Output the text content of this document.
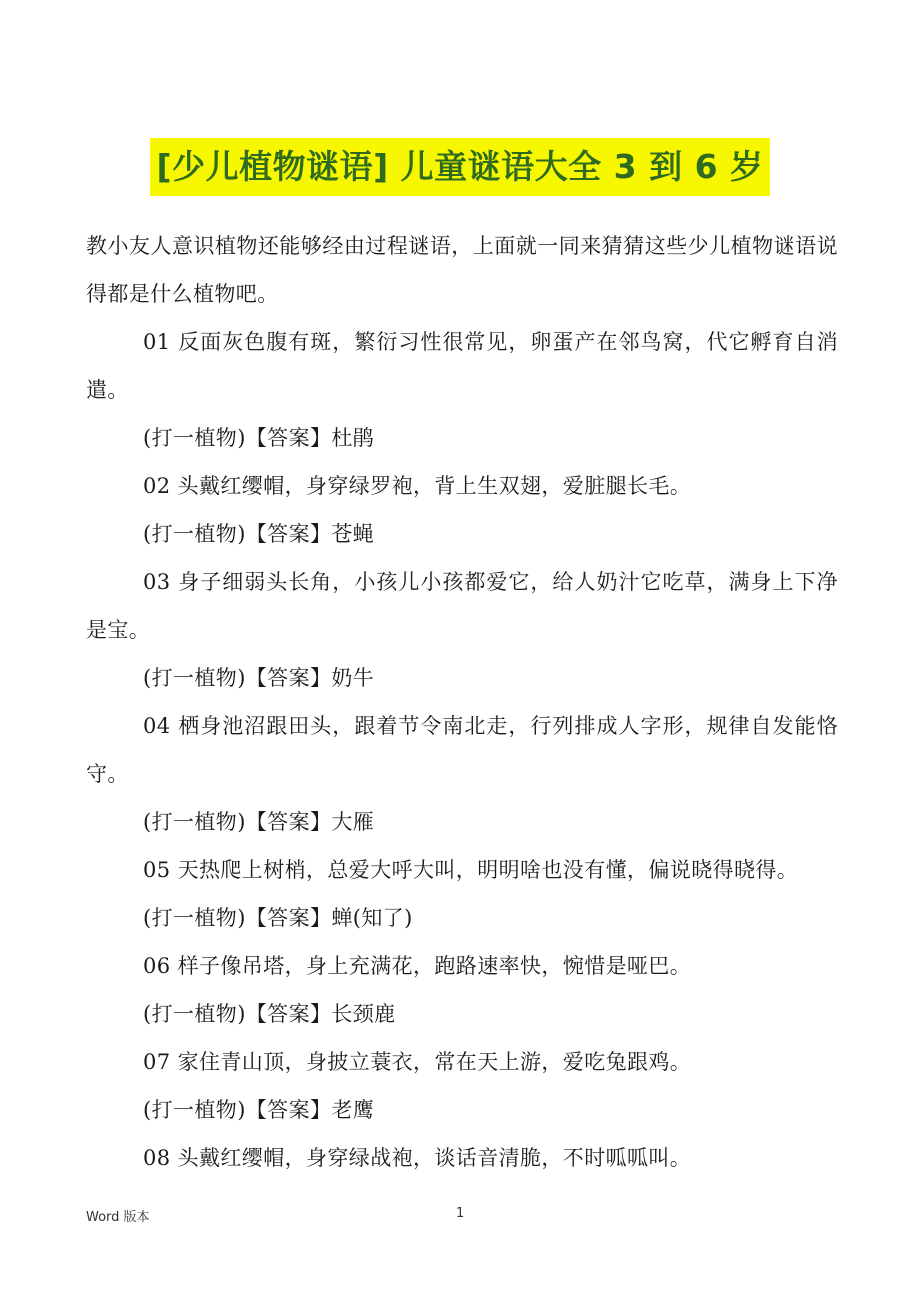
[少儿植物谜语] 儿童谜语大全 3 到 6 岁

教小友人意识植物还能够经由过程谜语，上面就一同来猜猜这些少儿植物谜语说得都是什么植物吧。

01 反面灰色腹有斑，繁衍习性很常见，卵蛋产在邻鸟窝，代它孵育自消遣。

(打一植物)【答案】杜鹃

02 头戴红缨帽，身穿绿罗袍，背上生双翅，爱脏腿长毛。

(打一植物)【答案】苍蝇

03 身子细弱头长角，小孩儿小孩都爱它，给人奶汁它吃草，满身上下净是宝。

(打一植物)【答案】奶牛

04 栖身池沼跟田头，跟着节令南北走，行列排成人字形，规律自发能恪守。

(打一植物)【答案】大雁

05 天热爬上树梢，总爱大呼大叫，明明啥也没有懂，偏说晓得晓得。

(打一植物)【答案】蝉(知了)

06 样子像吊塔，身上充满花，跑路速率快，惋惜是哑巴。

(打一植物)【答案】长颈鹿

07 家住青山顶，身披立蓑衣，常在天上游，爱吃兔跟鸡。

(打一植物)【答案】老鹰

08 头戴红缨帽，身穿绿战袍，谈话音清脆，不时呱呱叫。

Word 版本	1
